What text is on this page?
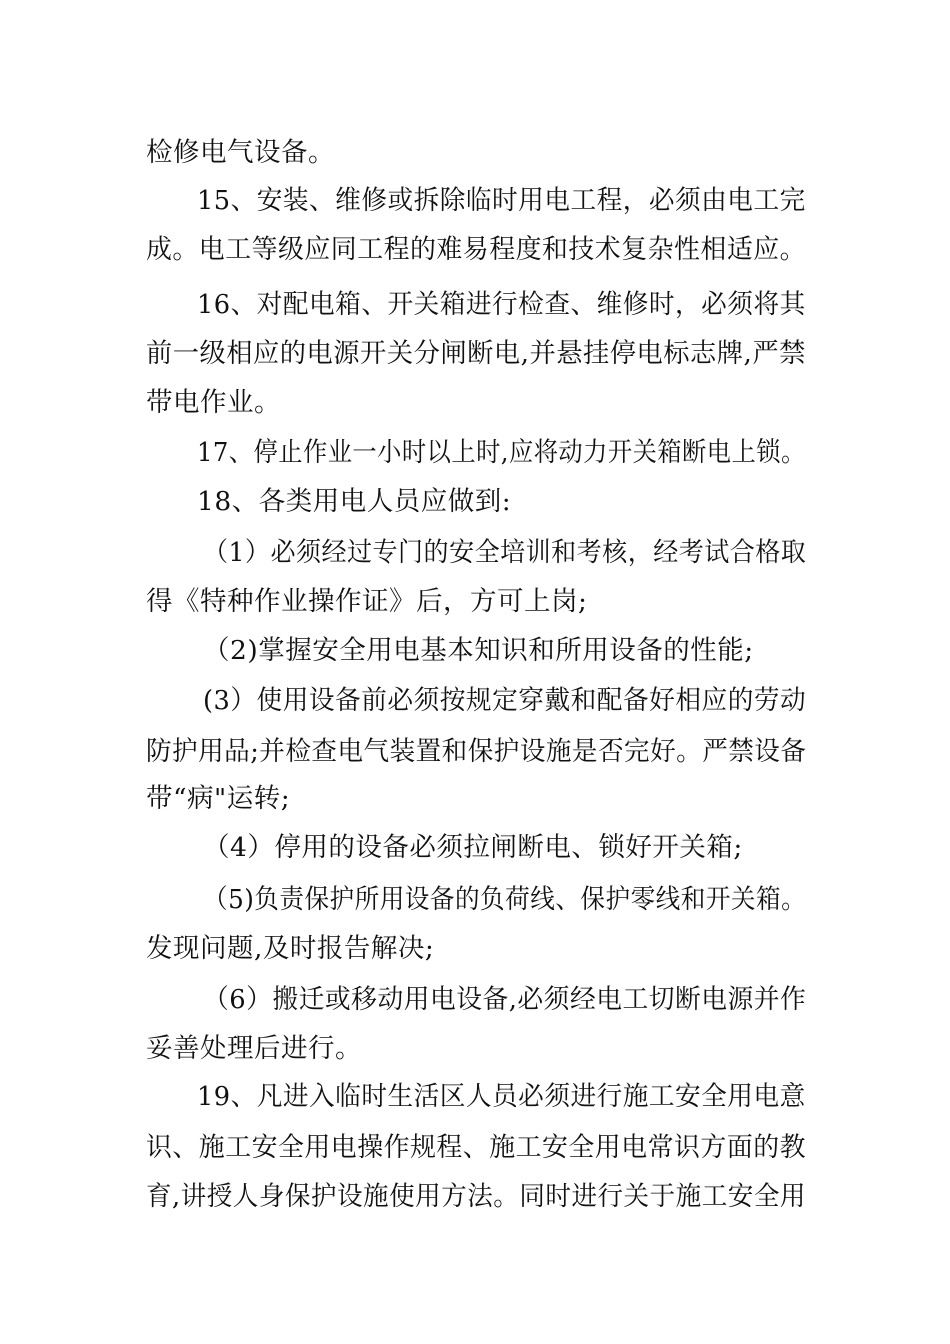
检修电气设备。
15、安装、维修或拆除临时用电工程，必须由电工完
成。电工等级应同工程的难易程度和技术复杂性相适应。
16、对配电箱、开关箱进行检查、维修时，必须将其
前一级相应的电源开关分闸断电,并悬挂停电标志牌,严禁
带电作业。
17、停止作业一小时以上时,应将动力开关箱断电上锁。
18、各类用电人员应做到:
（1）必须经过专门的安全培训和考核，经考试合格取
得《特种作业操作证》后，方可上岗;
（2)掌握安全用电基本知识和所用设备的性能;
(3）使用设备前必须按规定穿戴和配备好相应的劳动
防护用品;并检查电气装置和保护设施是否完好。严禁设备
带“病"运转;
（4）停用的设备必须拉闸断电、锁好开关箱;
（5)负责保护所用设备的负荷线、保护零线和开关箱。
发现问题,及时报告解决;
（6）搬迁或移动用电设备,必须经电工切断电源并作
妥善处理后进行。
19、凡进入临时生活区人员必须进行施工安全用电意
识、施工安全用电操作规程、施工安全用电常识方面的教
育,讲授人身保护设施使用方法。同时进行关于施工安全用
